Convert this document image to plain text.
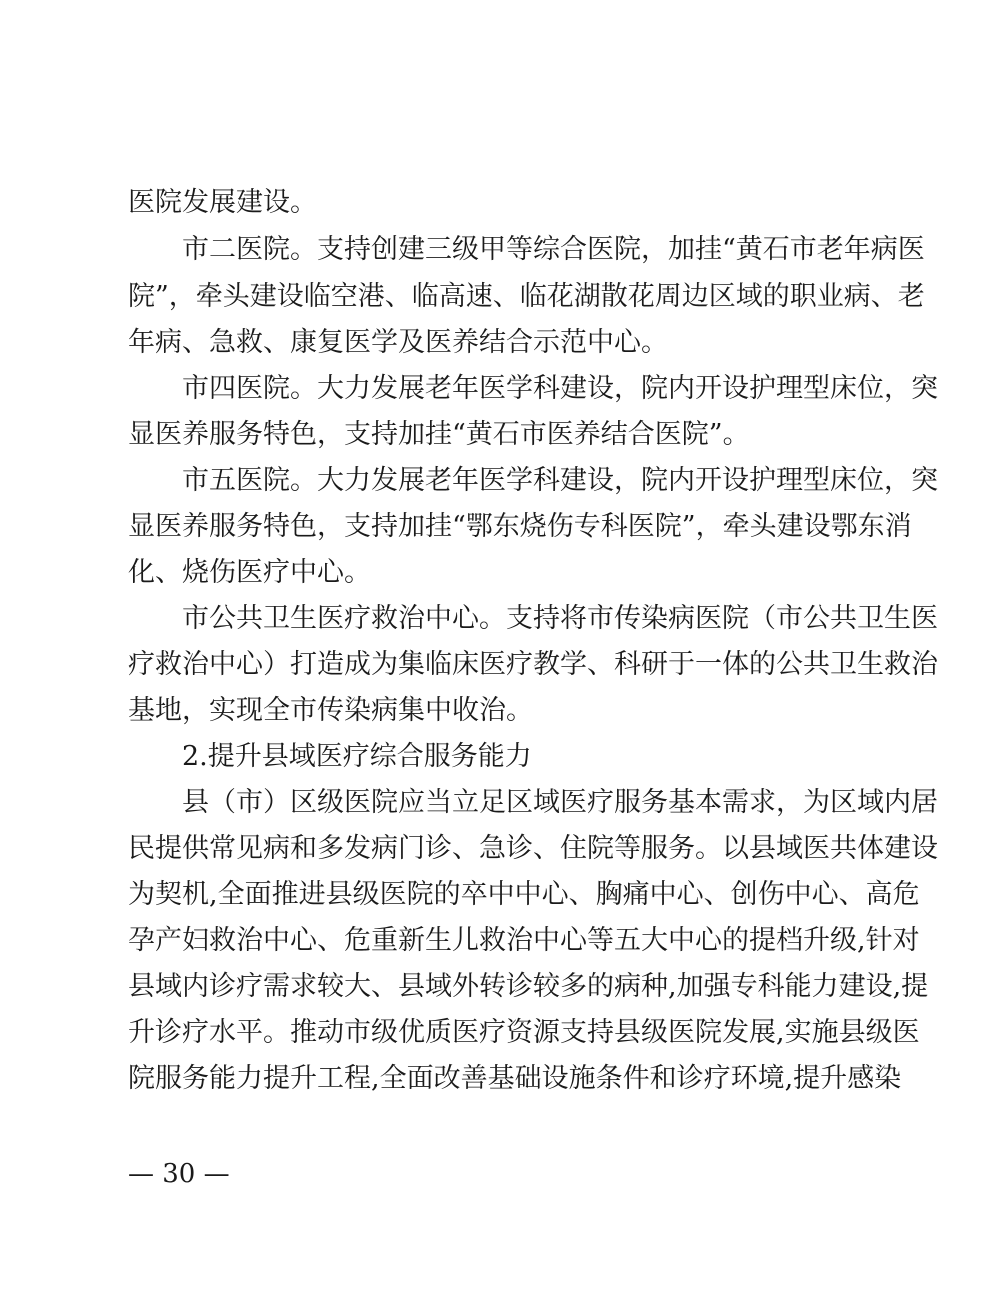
医院发展建设。
　　市二医院。支持创建三级甲等综合医院，加挂“黄石市老年病医
院”，牵头建设临空港、临高速、临花湖散花周边区域的职业病、老
年病、急救、康复医学及医养结合示范中心。
　　市四医院。大力发展老年医学科建设，院内开设护理型床位，突
显医养服务特色，支持加挂“黄石市医养结合医院”。
　　市五医院。大力发展老年医学科建设，院内开设护理型床位，突
显医养服务特色，支持加挂“鄂东烧伤专科医院”，牵头建设鄂东消
化、烧伤医疗中心。
　　市公共卫生医疗救治中心。支持将市传染病医院（市公共卫生医
疗救治中心）打造成为集临床医疗教学、科研于一体的公共卫生救治
基地，实现全市传染病集中收治。
　　2.提升县域医疗综合服务能力
　　县（市）区级医院应当立足区域医疗服务基本需求，为区域内居
民提供常见病和多发病门诊、急诊、住院等服务。以县域医共体建设
为契机,全面推进县级医院的卒中中心、胸痛中心、创伤中心、高危
孕产妇救治中心、危重新生儿救治中心等五大中心的提档升级,针对
县域内诊疗需求较大、县域外转诊较多的病种,加强专科能力建设,提
升诊疗水平。推动市级优质医疗资源支持县级医院发展,实施县级医
院服务能力提升工程,全面改善基础设施条件和诊疗环境,提升感染
— 30 —
